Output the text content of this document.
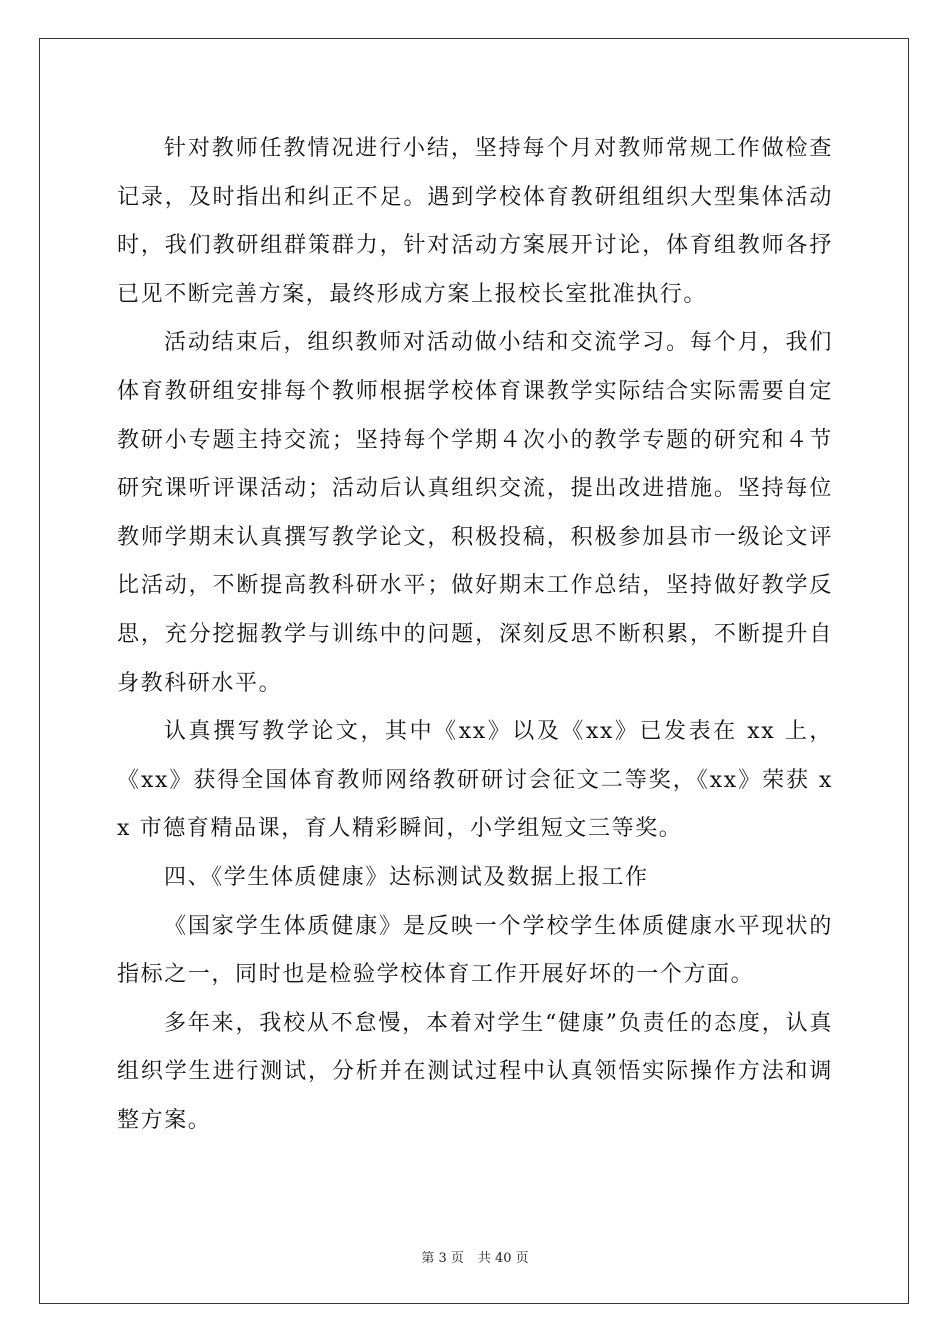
针对教师任教情况进行小结，坚持每个月对教师常规工作做检查记录，及时指出和纠正不足。遇到学校体育教研组组织大型集体活动时，我们教研组群策群力，针对活动方案展开讨论，体育组教师各抒已见不断完善方案，最终形成方案上报校长室批准执行。

活动结束后，组织教师对活动做小结和交流学习。每个月，我们体育教研组安排每个教师根据学校体育课教学实际结合实际需要自定教研小专题主持交流；坚持每个学期４次小的教学专题的研究和４节研究课听评课活动；活动后认真组织交流，提出改进措施。坚持每位教师学期末认真撰写教学论文，积极投稿，积极参加县市一级论文评比活动，不断提高教科研水平；做好期末工作总结，坚持做好教学反思，充分挖掘教学与训练中的问题，深刻反思不断积累，不断提升自身教科研水平。

认真撰写教学论文，其中《xx》以及《xx》已发表在 xx 上，《xx》获得全国体育教师网络教研研讨会征文二等奖，《xx》荣获 xx 市德育精品课，育人精彩瞬间，小学组短文三等奖。

四、《学生体质健康》达标测试及数据上报工作

《国家学生体质健康》是反映一个学校学生体质健康水平现状的指标之一，同时也是检验学校体育工作开展好坏的一个方面。

多年来，我校从不怠慢，本着对学生“健康”负责任的态度，认真组织学生进行测试，分析并在测试过程中认真领悟实际操作方法和调整方案。

第 3 页 共 40 页
